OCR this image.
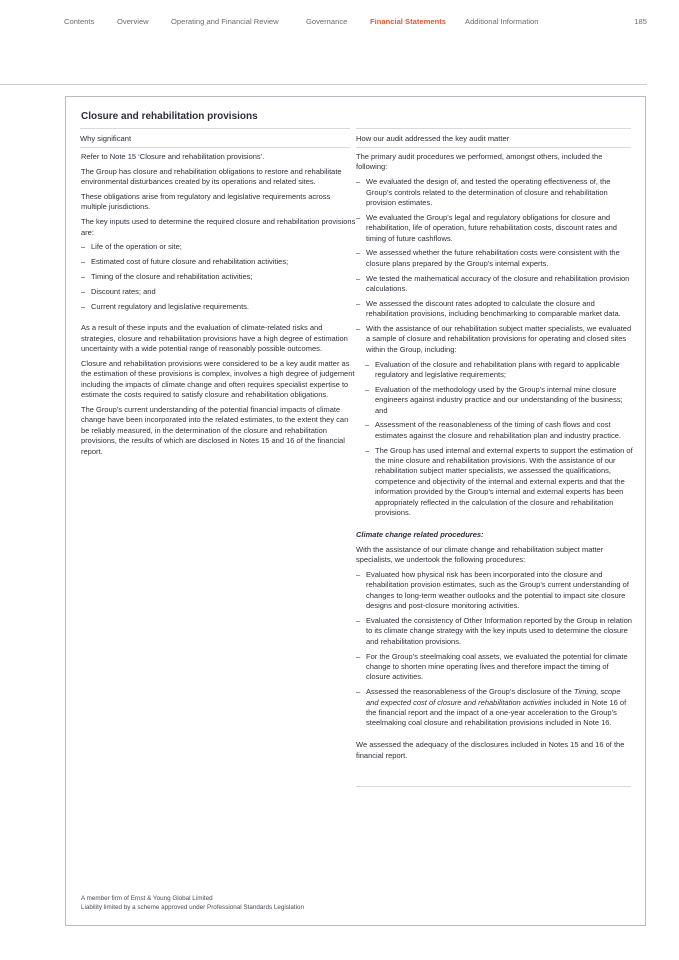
Contents	Overview	Operating and Financial Review	Governance	Financial Statements	Additional Information	185
Closure and rehabilitation provisions
Why significant	How our audit addressed the key audit matter

Refer to Note 15 ‘Closure and rehabilitation provisions’.

The Group has closure and rehabilitation obligations to restore and rehabilitate environmental disturbances created by its operations and related sites.

These obligations arise from regulatory and legislative requirements across multiple jurisdictions.

The key inputs used to determine the required closure and rehabilitation provisions are:

– Life of the operation or site;
– Estimated cost of future closure and rehabilitation activities;
– Timing of the closure and rehabilitation activities;
– Discount rates; and
– Current regulatory and legislative requirements.

As a result of these inputs and the evaluation of climate-related risks and strategies, closure and rehabilitation provisions have a high degree of estimation uncertainty with a wide potential range of reasonably possible outcomes.

Closure and rehabilitation provisions were considered to be a key audit matter as the estimation of these provisions is complex, involves a high degree of judgement including the impacts of climate change and often requires specialist expertise to estimate the costs required to satisfy closure and rehabilitation obligations.

The Group’s current understanding of the potential financial impacts of climate change have been incorporated into the related estimates, to the extent they can be reliably measured, in the determination of the closure and rehabilitation provisions, the results of which are disclosed in Notes 15 and 16 of the financial report.

The primary audit procedures we performed, amongst others, included the following:

– We evaluated the design of, and tested the operating effectiveness of, the Group’s controls related to the determination of closure and rehabilitation provision estimates.
– We evaluated the Group’s legal and regulatory obligations for closure and rehabilitation, life of operation, future rehabilitation costs, discount rates and timing of future cashflows.
– We assessed whether the future rehabilitation costs were consistent with the closure plans prepared by the Group’s internal experts.
– We tested the mathematical accuracy of the closure and rehabilitation provision calculations.
– We assessed the discount rates adopted to calculate the closure and rehabilitation provisions, including benchmarking to comparable market data.
– With the assistance of our rehabilitation subject matter specialists, we evaluated a sample of closure and rehabilitation provisions for operating and closed sites within the Group, including:
– Evaluation of the closure and rehabilitation plans with regard to applicable regulatory and legislative requirements;
– Evaluation of the methodology used by the Group’s internal mine closure engineers against industry practice and our understanding of the business; and
– Assessment of the reasonableness of the timing of cash flows and cost estimates against the closure and rehabilitation plan and industry practice.
– The Group has used internal and external experts to support the estimation of the mine closure and rehabilitation provisions. With the assistance of our rehabilitation subject matter specialists, we assessed the qualifications, competence and objectivity of the internal and external experts and that the information provided by the Group’s internal and external experts has been appropriately reflected in the calculation of the closure and rehabilitation provisions.

Climate change related procedures:

With the assistance of our climate change and rehabilitation subject matter specialists, we undertook the following procedures:

– Evaluated how physical risk has been incorporated into the closure and rehabilitation provision estimates, such as the Group’s current understanding of changes to long-term weather outlooks and the potential to impact site closure designs and post-closure monitoring activities.
– Evaluated the consistency of Other Information reported by the Group in relation to its climate change strategy with the key inputs used to determine the closure and rehabilitation provisions.
– For the Group’s steelmaking coal assets, we evaluated the potential for climate change to shorten mine operating lives and therefore impact the timing of closure activities.
– Assessed the reasonableness of the Group’s disclosure of the Timing, scope and expected cost of closure and rehabilitation activities included in Note 16 of the financial report and the impact of a one-year acceleration to the Group’s steelmaking coal closure and rehabilitation provisions included in Note 16.

We assessed the adequacy of the disclosures included in Notes 15 and 16 of the financial report.

A member firm of Ernst & Young Global Limited
Liability limited by a scheme approved under Professional Standards Legislation
